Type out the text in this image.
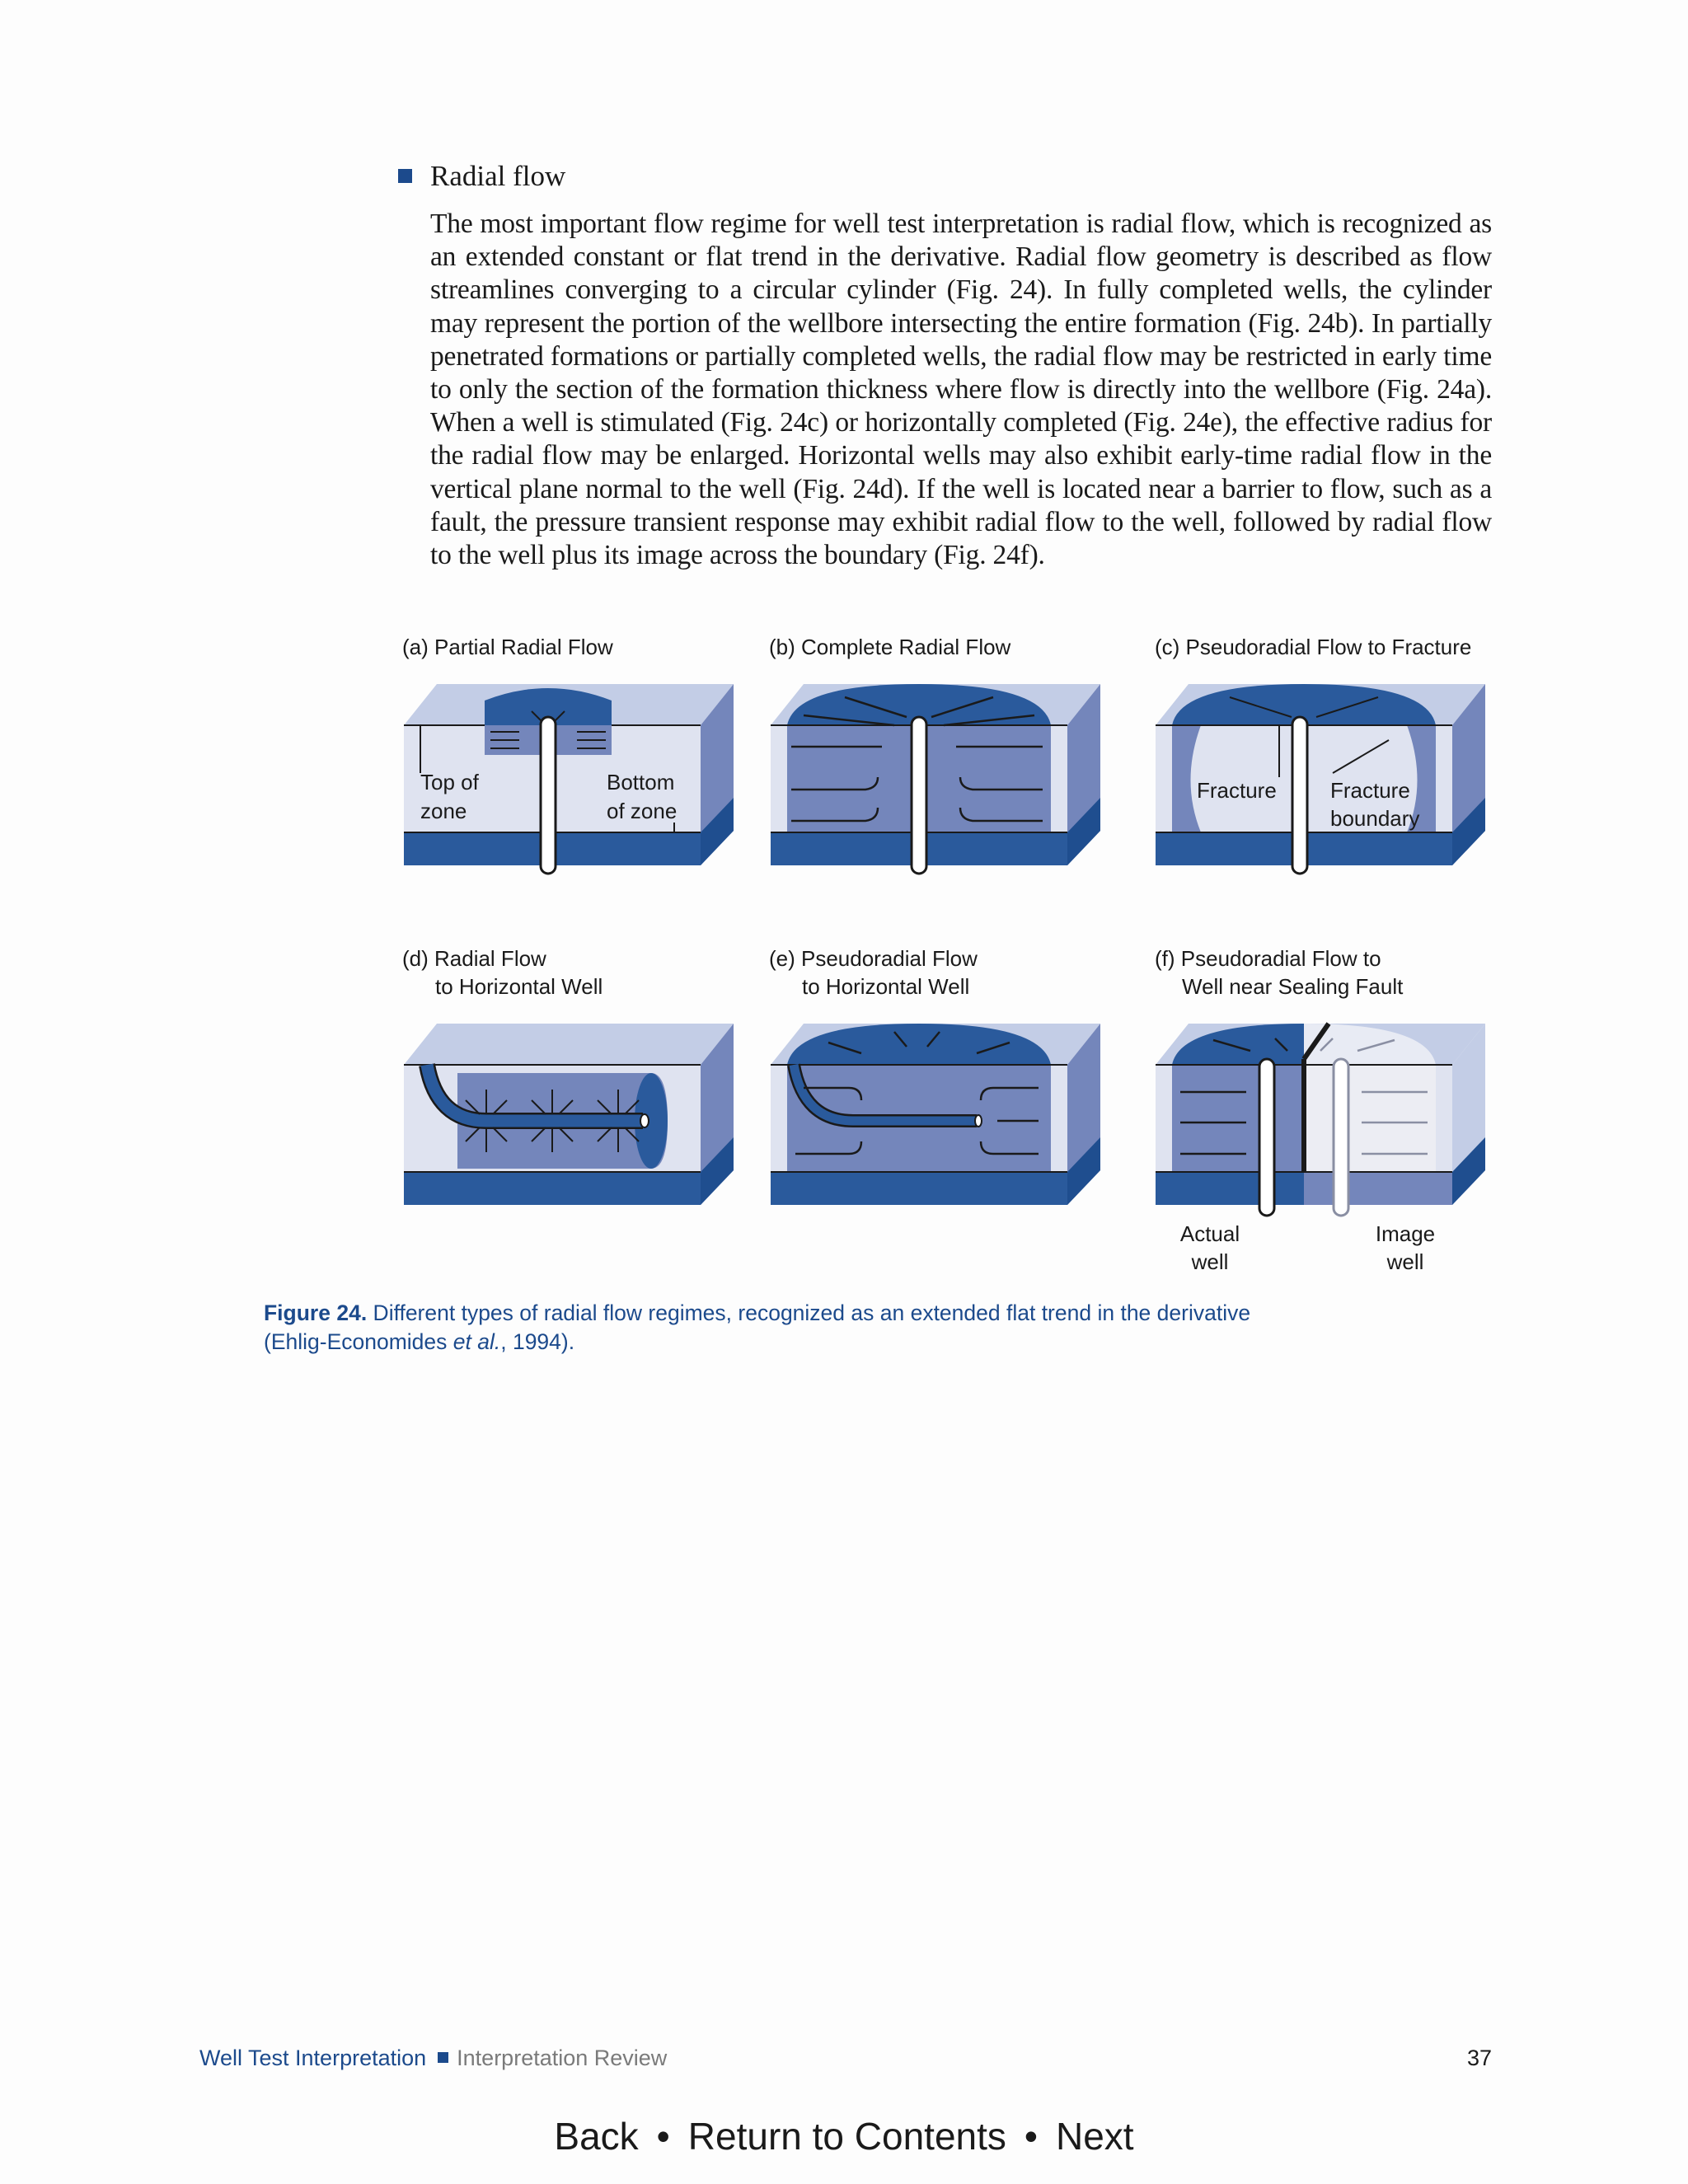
Radial flow

The most important flow regime for well test interpretation is radial flow, which is recognized as an extended constant or flat trend in the derivative. Radial flow geometry is described as flow streamlines converging to a circular cylinder (Fig. 24). In fully completed wells, the cylinder may represent the portion of the wellbore intersecting the entire formation (Fig. 24b). In partially penetrated formations or partially completed wells, the radial flow may be restricted in early time to only the section of the formation thickness where flow is directly into the wellbore (Fig. 24a). When a well is stimulated (Fig. 24c) or horizontally completed (Fig. 24e), the effective radius for the radial flow may be enlarged. Horizontal wells may also exhibit early-time radial flow in the vertical plane normal to the well (Fig. 24d). If the well is located near a barrier to flow, such as a fault, the pressure transient response may exhibit radial flow to the well, followed by radial flow to the well plus its image across the boundary (Fig. 24f).

(a) Partial Radial Flow	(b) Complete Radial Flow	(c) Pseudoradial Flow to Fracture
Top of
zone
Bottom
of zone
Fracture	Fracture
boundary
(d) Radial Flow
to Horizontal Well
(e) Pseudoradial Flow
to Horizontal Well
(f) Pseudoradial Flow to
Well near Sealing Fault
Actual
well
Image
well
Figure 24. Different types of radial flow regimes, recognized as an extended flat trend in the derivative (Ehlig-Economides et al., 1994).
Well Test Interpretation Interpretation Review	37
Back • Return to Contents • Next
